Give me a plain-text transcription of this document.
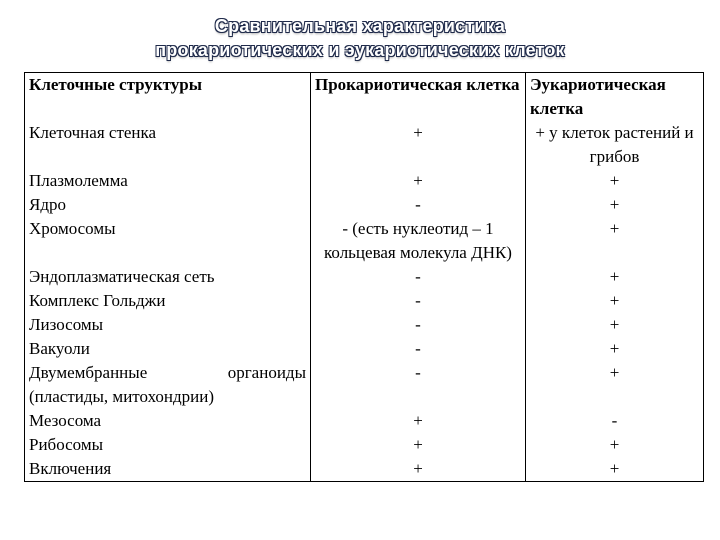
Сравнительная характеристика
прокариотических и эукариотических клеток
Клеточные структуры	Прокариотическая клетка	Эукариотическая клетка
Клеточная стенка	+	+ у клеток растений и грибов
Плазмолемма	+	+
Ядро	-	+
Хромосомы	- (есть нуклеотид – 1 кольцевая молекула ДНК)	+
Эндоплазматическая сеть	-	+
Комплекс Гольджи	-	+
Лизосомы	-	+
Вакуоли	-	+
Двумембранные органоиды (пластиды, митохондрии)	-	+
Мезосома	+	-
Рибосомы	+	+
Включения	+	+
